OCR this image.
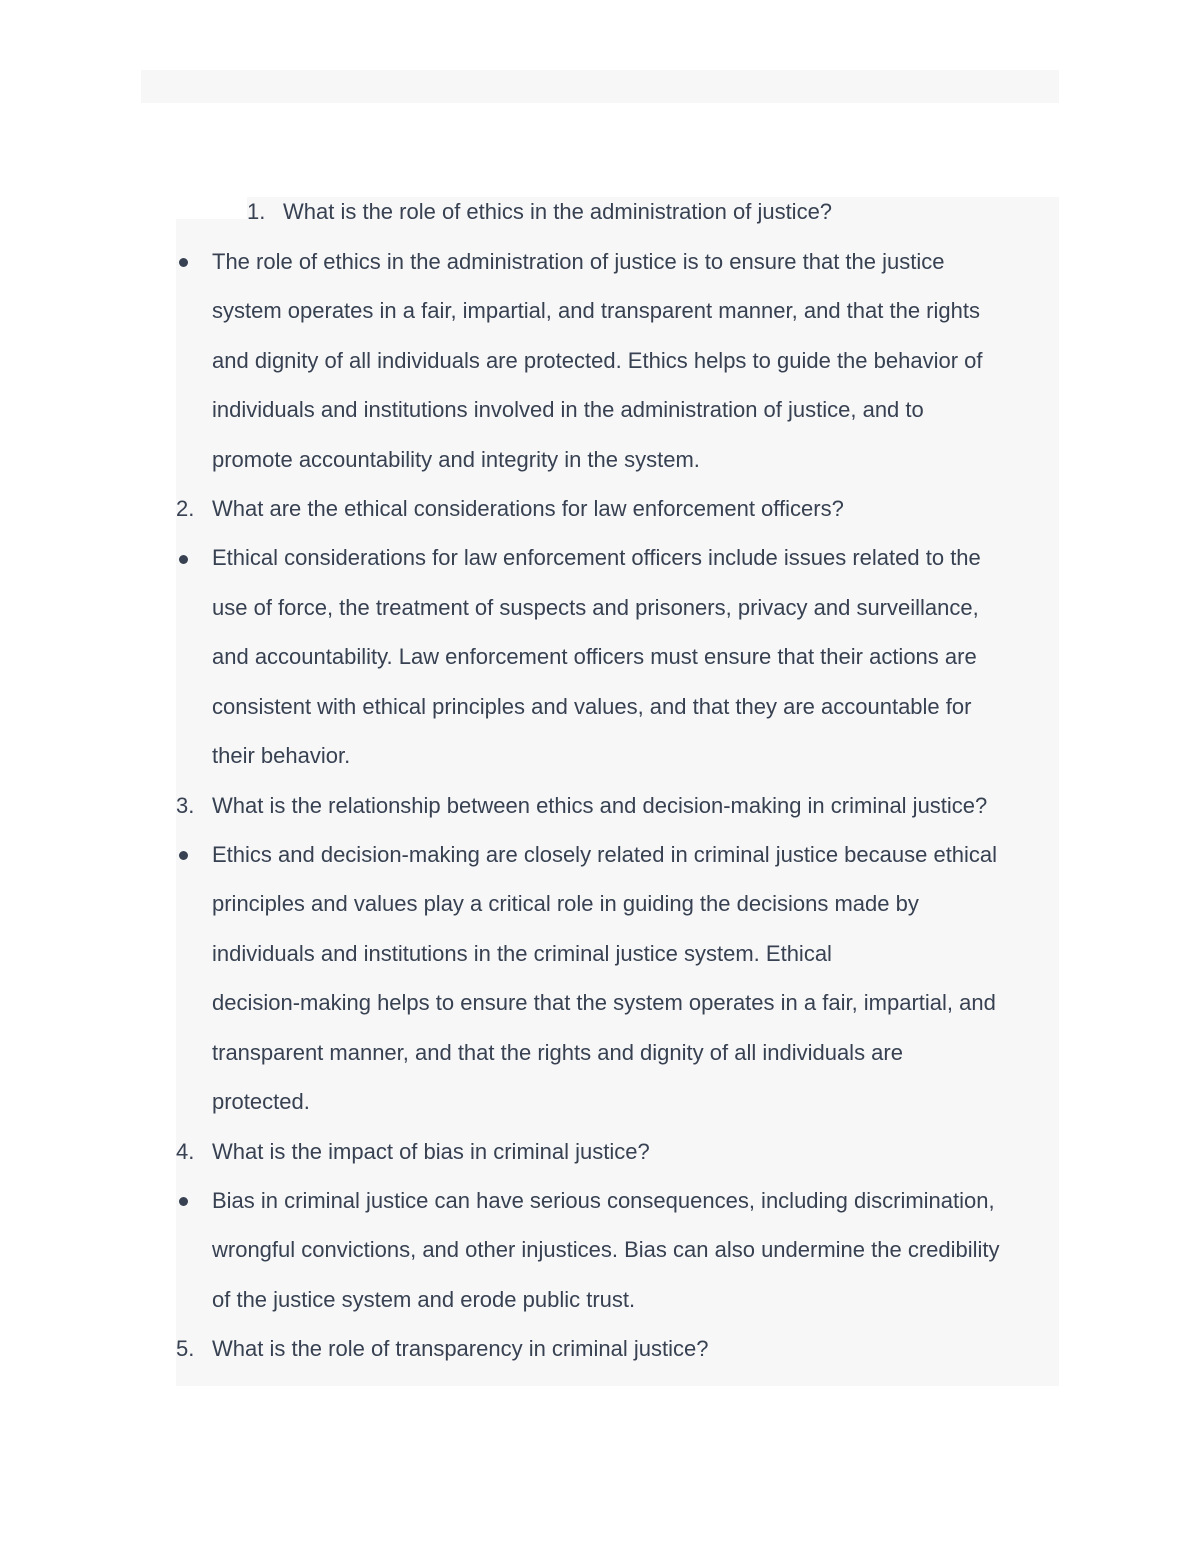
1. What is the role of ethics in the administration of justice?
The role of ethics in the administration of justice is to ensure that the justice
system operates in a fair, impartial, and transparent manner, and that the rights
and dignity of all individuals are protected. Ethics helps to guide the behavior of
individuals and institutions involved in the administration of justice, and to
promote accountability and integrity in the system.
2. What are the ethical considerations for law enforcement officers?
Ethical considerations for law enforcement officers include issues related to the
use of force, the treatment of suspects and prisoners, privacy and surveillance,
and accountability. Law enforcement officers must ensure that their actions are
consistent with ethical principles and values, and that they are accountable for
their behavior.
3. What is the relationship between ethics and decision-making in criminal justice?
Ethics and decision-making are closely related in criminal justice because ethical
principles and values play a critical role in guiding the decisions made by
individuals and institutions in the criminal justice system. Ethical
decision-making helps to ensure that the system operates in a fair, impartial, and
transparent manner, and that the rights and dignity of all individuals are
protected.
4. What is the impact of bias in criminal justice?
Bias in criminal justice can have serious consequences, including discrimination,
wrongful convictions, and other injustices. Bias can also undermine the credibility
of the justice system and erode public trust.
5. What is the role of transparency in criminal justice?
